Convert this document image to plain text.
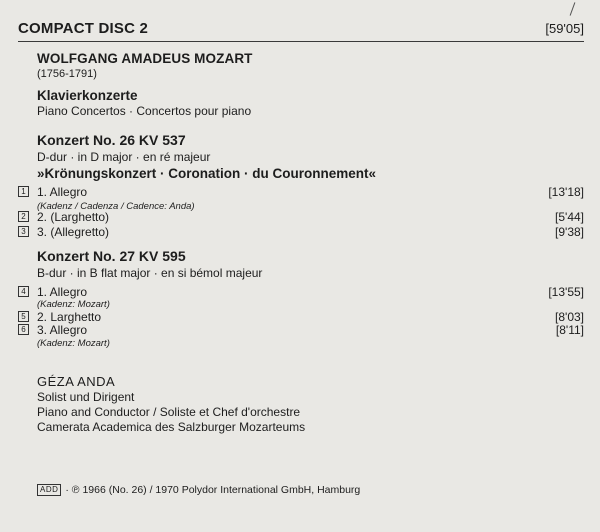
COMPACT DISC 2	[59'05]
WOLFGANG AMADEUS MOZART
(1756-1791)
Klavierkonzerte
Piano Concertos · Concertos pour piano
Konzert No. 26 KV 537
D-dur · in D major · en ré majeur
»Krönungskonzert · Coronation · du Couronnement«
1 1. Allegro	[13'18]
(Kadenz / Cadenza / Cadence: Anda)
2 2. (Larghetto)	[5'44]
3 3. (Allegretto)	[9'38]
Konzert No. 27 KV 595
B-dur · in B flat major · en si bémol majeur
4 1. Allegro	[13'55]
(Kadenz: Mozart)
5 2. Larghetto	[8'03]
6 3. Allegro	[8'11]
(Kadenz: Mozart)
GÉZA ANDA
Solist und Dirigent
Piano and Conductor / Soliste et Chef d'orchestre
Camerata Academica des Salzburger Mozarteums
ADD · ℗ 1966 (No. 26) / 1970 Polydor International GmbH, Hamburg
